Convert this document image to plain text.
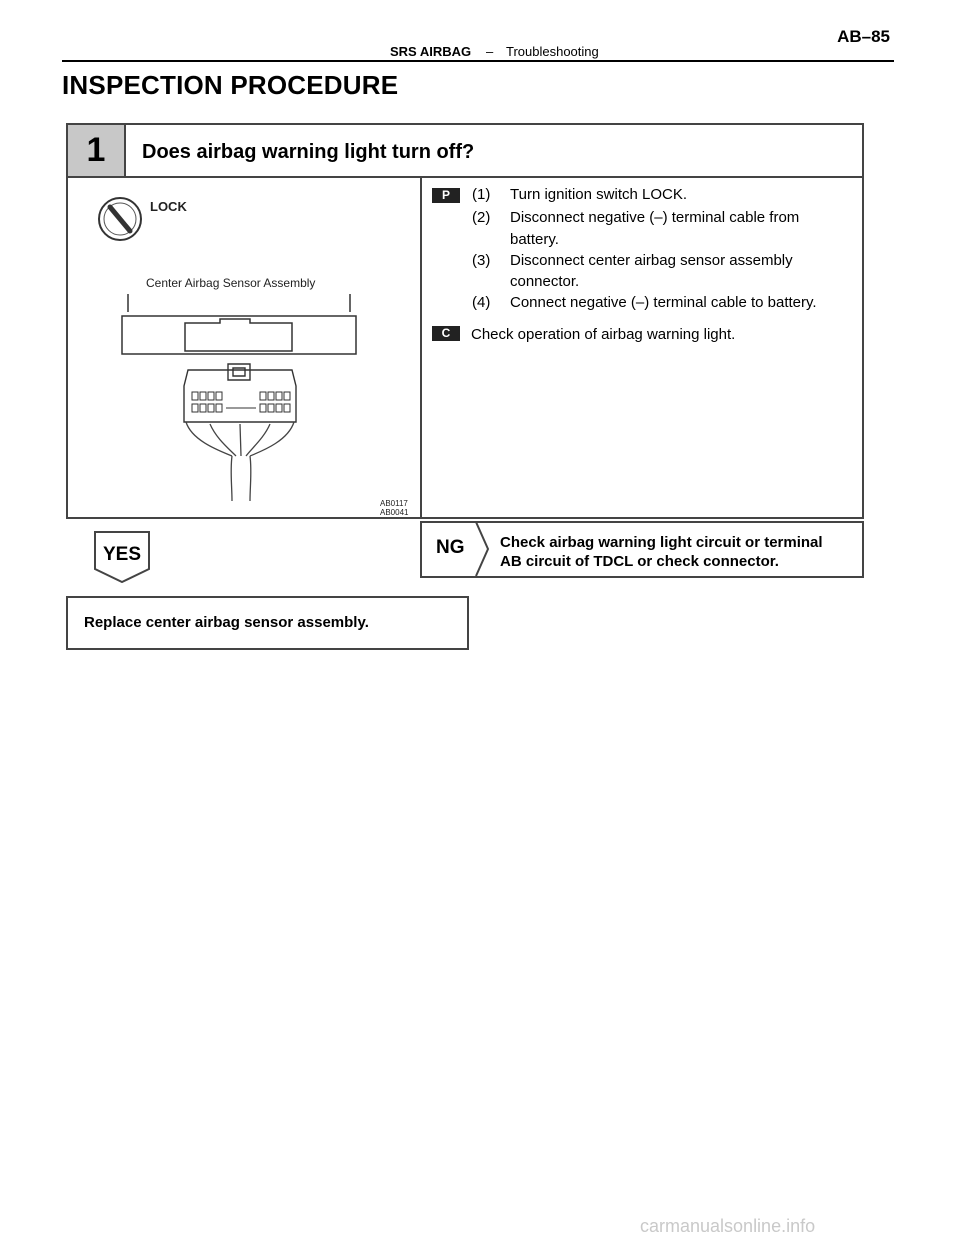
SRS AIRBAG – Troubleshooting
AB–85
INSPECTION PROCEDURE
1	Does airbag warning light turn off?
LOCK
Center Airbag Sensor Assembly
AB0117
AB0041
P	(1)	Turn ignition switch LOCK.
(2)	Disconnect negative (–) terminal cable from
battery.
(3)	Disconnect center airbag sensor assembly
connector.
(4)	Connect negative (–) terminal cable to battery.
C	Check operation of airbag warning light.
NG Check airbag warning light circuit or terminal
AB circuit of TDCL or check connector.
YES
Replace center airbag sensor assembly.
carmanualsonline.info
